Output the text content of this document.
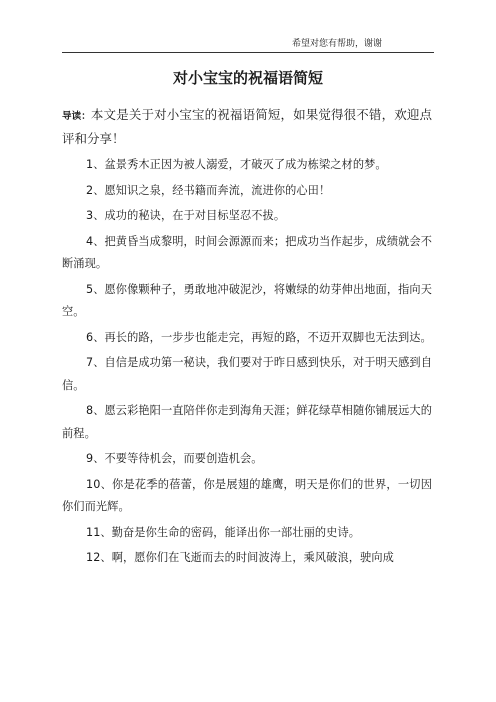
希望对您有帮助，谢谢
对小宝宝的祝福语简短

导读：本文是关于对小宝宝的祝福语简短，如果觉得很不错，欢迎点评和分享！

1、盆景秀木正因为被人溺爱，才破灭了成为栋梁之材的梦。

2、愿知识之泉，经书籍而奔流，流进你的心田！

3、成功的秘诀，在于对目标坚忍不拔。

4、把黄昏当成黎明，时间会源源而来；把成功当作起步，成绩就会不断涌现。

5、愿你像颗种子，勇敢地冲破泥沙，将嫩绿的幼芽伸出地面，指向天空。

6、再长的路，一步步也能走完，再短的路，不迈开双脚也无法到达。

7、自信是成功第一秘诀，我们要对于昨日感到快乐，对于明天感到自信。

8、愿云彩艳阳一直陪伴你走到海角天涯；鲜花绿草相随你铺展远大的前程。

9、不要等待机会，而要创造机会。

10、你是花季的蓓蕾，你是展翅的雄鹰，明天是你们的世界，一切因你们而光辉。

11、勤奋是你生命的密码，能译出你一部壮丽的史诗。

12、啊，愿你们在飞逝而去的时间波涛上，乘风破浪，驶向成
